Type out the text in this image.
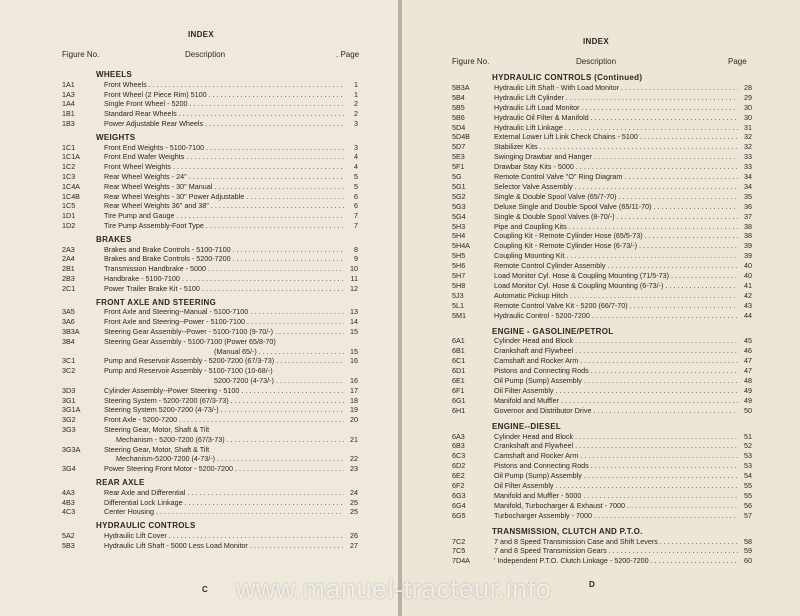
INDEX
Figure No.	Description	. Page
WHEELS
1A1	Front Wheels . . .	1
1A3	Front Wheel (2 Piece Rim) 5100 . . .	1
1A4	Single Front Wheel - 5200 . . .	2
1B1	Standard Rear Wheels . . .	2
1B3	Power Adjustable Rear Wheels . . .	3
WEIGHTS
1C1	Front End Weights - 5100-7100 . . .	3
1C1A	Front End Wafer Weights . . .	4
1C2	Front Wheel Weights . . .	4
1C3	Rear Wheel Weights - 24" . . .	5
1C4A	Rear Wheel Weights - 30" Manual . . .	5
1C4B	Rear Wheel Weights - 30" Power Adjustable . . .	6
1C5	Rear Wheel Weights 36" and 38" . . .	6
1D1	Tire Pump and Gauge . . .	7
1D2	Tire Pump Assembly-Foot Type . . .	7
BRAKES
2A3	Brakes and Brake Controls - 5100-7100 . . .	8
2A4	Brakes and Brake Controls - 5200-7200 . . .	9
2B1	Transmission Handbrake - 5000 . . .	10
2B3	Handbrake - 5100-7100 . . .	11
2C1	Power Trailer Brake Kit - 5100 . . .	12
FRONT AXLE AND STEERING
3A5	Front Axle and Steering--Manual - 5100-7100 . . .	13
3A6	Front Axle and Steering--Power - 5100-7100 . . .	14
3B3A	Steering Gear Assembly--Power - 5100-7100 (9-70/-) . . .	15
3B4	Steering Gear Assembly - 5100-7100 (Power 65/8-70)
(Manual 65/-) . . .	15
3C1	Pump and Reservoir Assembly - 5200-7200 (67/3-73) . . .	16
3C2	Pump and Reservoir Assembly - 5100-7100 (10-68/-)
5200-7200 (4-73/-) . . .	16
3D3	Cylinder Assembly--Power Steering - 5100 . . .	17
3G1	Steering System - 5200-7200 (67/3-73) . . .	18
3G1A	Steering System 5200-7200 (4-73/-) . . .	19
3G2	Front Axle - 5200-7200 . . .	20
3G3	Steering Gear, Motor, Shaft & Tilt
Mechanism - 5200-7200 (67/3-73) . . .	21
3G3A	Steering Gear, Motor, Shaft & Tilt
Mechanism-5200-7200 (4-73/-) . . .	22
3G4	Power Steering Front Motor - 5200-7200 . . .	23
REAR AXLE
4A3	Rear Axle and Differential . . .	24
4B3	Differential Lock Linkage . . .	25
4C3	Center Housing . . .	25
HYDRAULIC CONTROLS
5A2	Hydraulic Lift Cover . . .	26
5B3	Hydraulic Lift Shaft - 5000 Less Load Monitor . . .	27
C
INDEX
Figure No.	Description	Page
HYDRAULIC CONTROLS (Continued)
5B3A	Hydraulic Lift Shaft - With Load Monitor . . .	28
5B4	Hydraulic Lift Cylinder . . .	29
5B5	Hydraulic Lift Load Monitor . . .	30
5B6	Hydraulic Oil Filter & Manifold . . .	30
5D4	Hydraulic Lift Linkage . . .	31
5D4B	External Lower Lift Link Check Chains - 5100 . . .	32
5D7	Stabilizer Kits . . .	32
5E3	Swinging Drawbar and Hanger . . .	33
5F1	Drawbar Stay Kits - 5000 . . .	33
5G	Remote Control Valve "O" Ring Diagram . . .	34
5G1	Selector Valve Assembly . . .	34
5G2	Single & Double Spool Valve (65/7-70) . . .	35
5G3	Deluxe Single and Double Spool Valve (65/11-70) . . .	36
5G4	Single & Double Spool Valves (8-70/-) . . .	37
5H3	Pipe and Coupling Kits . . .	38
5H4	Coupling Kit - Remote Cylinder Hose (65/5-73) . . .	38
5H4A	Coupling Kit - Remote Cylinder Hose (6-73/-) . . .	39
5H5	Coupling Mounting Kit . . .	39
5H6	Remote Control Cylinder Assembly . . .	40
5H7	Load Monitor Cyl. Hose & Coupling Mounting (71/5-73) . . .	40
5H8	Load Monitor Cyl. Hose & Coupling Mounting (6-73/-) . . .	41
5J3	Automatic Pickup Hitch . . .	42
5L1	Remote Control Valve Kit - 5200 (66/7-70) . . .	43
5M1	Hydraulic Control - 5200-7200 . . .	44
ENGINE - GASOLINE/PETROL
6A1	Cylinder Head and Block . . .	45
6B1	Crankshaft and Flywheel . . .	46
6C1	Camshaft and Rocker Arm . . .	47
6D1	Pistons and Connecting Rods . . .	47
6E1	Oil Pump (Sump) Assembly . . .	48
6F1	Oil Filter Assembly . . .	49
6G1	Manifold and Muffler . . .	49
6H1	Governor and Distributor Drive . . .	50
ENGINE--DIESEL
6A3	Cylinder Head and Block . . .	51
6B3	Crankshaft and Flywheel . . .	52
6C3	Camshaft and Rocker Arm . . .	53
6D2	Pistons and Connecting Rods . . .	53
6E2	Oil Pump (Sump) Assembly . . .	54
6F2	Oil Filter Assembly . . .	55
6G3	Manifold and Muffler - 5000 . . .	55
6G4	Manifold, Turbocharger & Exhaust - 7000 . . .	56
6G5	Turbocharger Assembly - 7000 . . .	57
TRANSMISSION, CLUTCH AND P.T.O.
7C2	7 and 8 Speed Transmission Case and Shift Levers . . .	58
7C5	7 and 8 Speed Transmission Gears . . .	59
7D4A	' Independent P.T.O. Clutch Linkage - 5200-7200 . . .	60
D
www.manuel-tracteur.info
